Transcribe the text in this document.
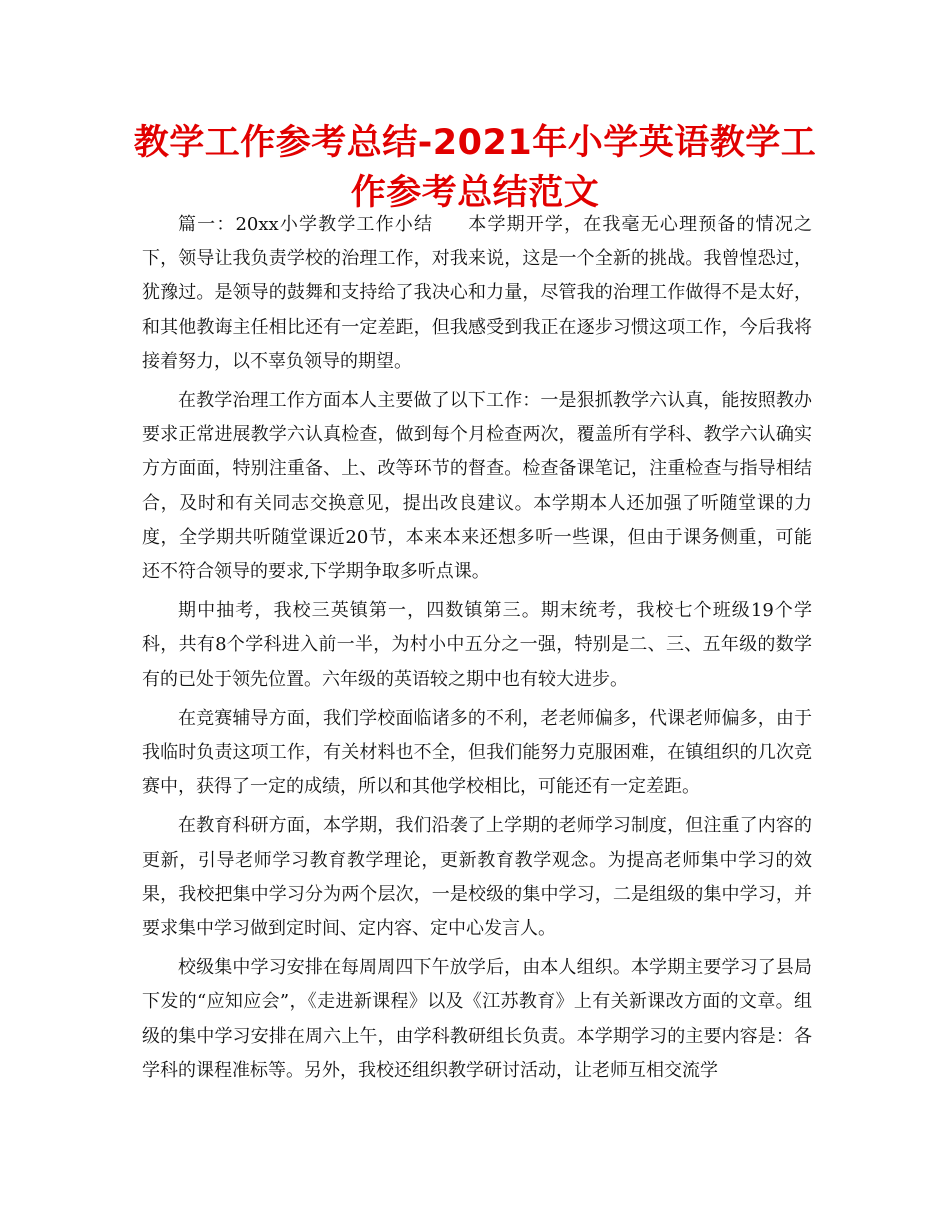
教学工作参考总结-2021年小学英语教学工作参考总结范文

篇一：20xx小学教学工作小结 本学期开学，在我毫无心理预备的情况之下，领导让我负责学校的治理工作，对我来说，这是一个全新的挑战。我曾惶恐过，犹豫过。是领导的鼓舞和支持给了我决心和力量，尽管我的治理工作做得不是太好，和其他教诲主任相比还有一定差距，但我感受到我正在逐步习惯这项工作，今后我将接着努力，以不辜负领导的期望。

在教学治理工作方面本人主要做了以下工作：一是狠抓教学六认真，能按照教办要求正常进展教学六认真检查，做到每个月检查两次，覆盖所有学科、教学六认确实方方面面，特别注重备、上、改等环节的督查。检查备课笔记，注重检查与指导相结合，及时和有关同志交换意见，提出改良建议。本学期本人还加强了听随堂课的力度，全学期共听随堂课近20节，本来本来还想多听一些课，但由于课务侧重，可能还不符合领导的要求,下学期争取多听点课。

期中抽考，我校三英镇第一，四数镇第三。期末统考，我校七个班级19个学科，共有8个学科进入前一半，为村小中五分之一强，特别是二、三、五年级的数学有的已处于领先位置。六年级的英语较之期中也有较大进步。

在竞赛辅导方面，我们学校面临诸多的不利，老老师偏多，代课老师偏多，由于我临时负责这项工作，有关材料也不全，但我们能努力克服困难，在镇组织的几次竞赛中，获得了一定的成绩，所以和其他学校相比，可能还有一定差距。

在教育科研方面，本学期，我们沿袭了上学期的老师学习制度，但注重了内容的更新，引导老师学习教育教学理论，更新教育教学观念。为提高老师集中学习的效果，我校把集中学习分为两个层次，一是校级的集中学习，二是组级的集中学习，并要求集中学习做到定时间、定内容、定中心发言人。

校级集中学习安排在每周周四下午放学后，由本人组织。本学期主要学习了县局下发的“应知应会”，《走进新课程》以及《江苏教育》上有关新课改方面的文章。组级的集中学习安排在周六上午，由学科教研组长负责。本学期学习的主要内容是：各学科的课程准标等。另外，我校还组织教学研讨活动，让老师互相交流学
